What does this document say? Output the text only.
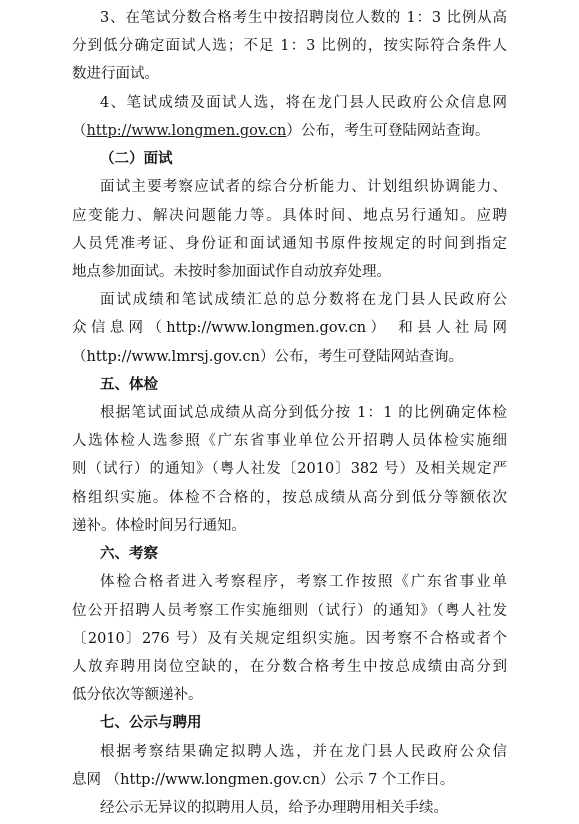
3、在笔试分数合格考生中按招聘岗位人数的 1：3 比例从高
分到低分确定面试人选；不足 1：3 比例的，按实际符合条件人
数进行面试。
4、笔试成绩及面试人选，将在龙门县人民政府公众信息网
（http://www.longmen.gov.cn）公布，考生可登陆网站查询。
（二）面试
面试主要考察应试者的综合分析能力、计划组织协调能力、
应变能力、解决问题能力等。具体时间、地点另行通知。应聘
人员凭准考证、身份证和面试通知书原件按规定的时间到指定
地点参加面试。未按时参加面试作自动放弃处理。
面试成绩和笔试成绩汇总的总分数将在龙门县人民政府公
众信息网（http://www.longmen.gov.cn） 和县人社局网
（http://www.lmrsj.gov.cn）公布，考生可登陆网站查询。
五、体检
根据笔试面试总成绩从高分到低分按 1：1 的比例确定体检
人选体检人选参照《广东省事业单位公开招聘人员体检实施细
则（试行）的通知》（粤人社发〔2010〕382 号）及相关规定严
格组织实施。体检不合格的，按总成绩从高分到低分等额依次
递补。体检时间另行通知。
六、考察
体检合格者进入考察程序，考察工作按照《广东省事业单
位公开招聘人员考察工作实施细则（试行）的通知》（粤人社发
〔2010〕276 号）及有关规定组织实施。因考察不合格或者个
人放弃聘用岗位空缺的，在分数合格考生中按总成绩由高分到
低分依次等额递补。
七、公示与聘用
根据考察结果确定拟聘人选，并在龙门县人民政府公众信
息网 （http://www.longmen.gov.cn）公示 7 个工作日。
经公示无异议的拟聘用人员，给予办理聘用相关手续。
